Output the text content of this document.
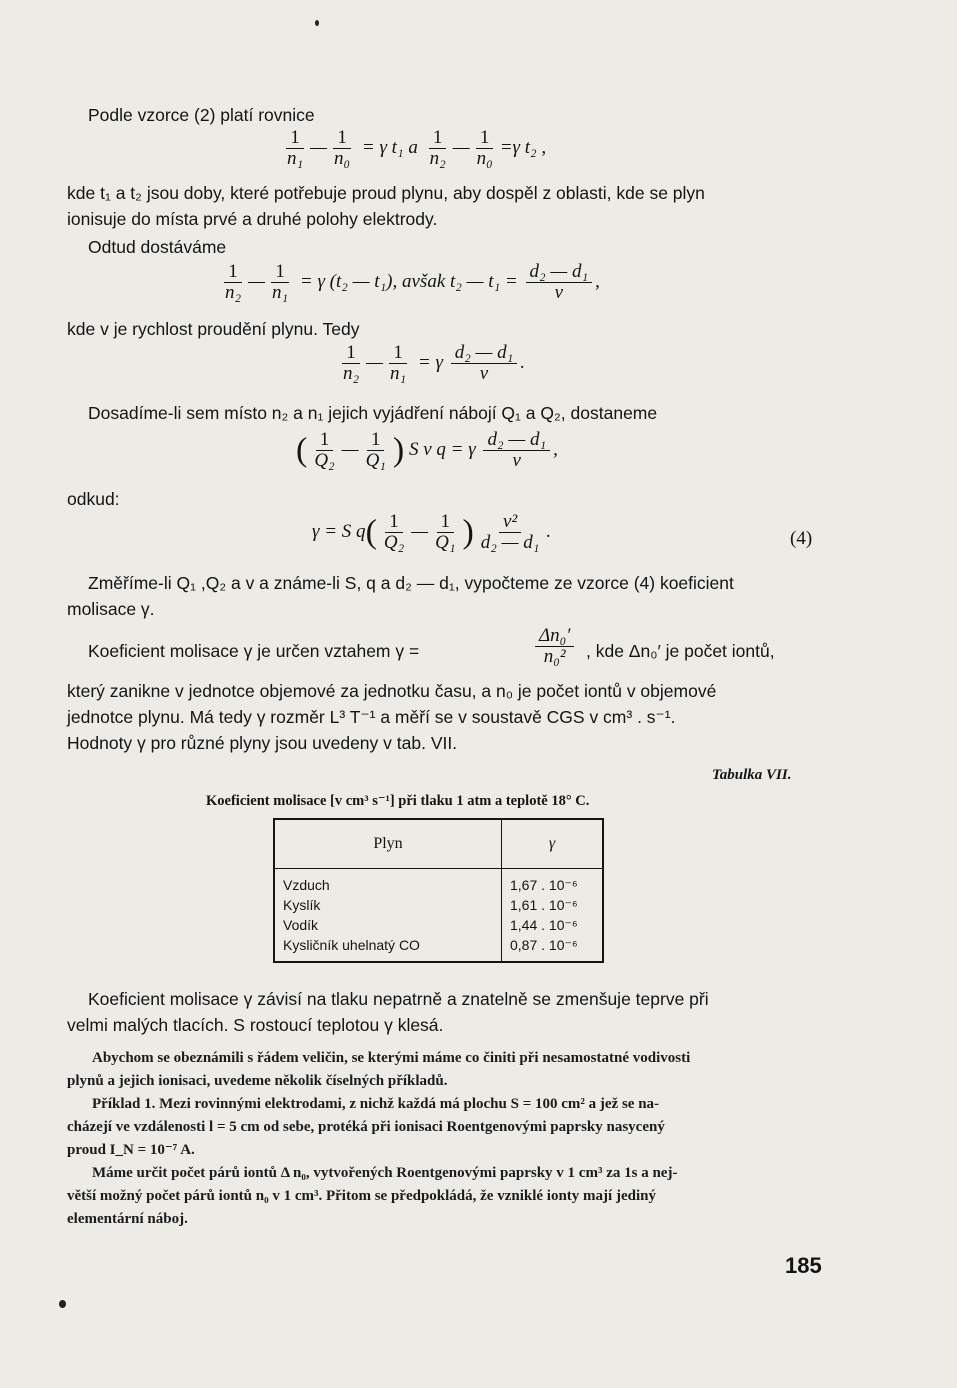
Podle vzorce (2) platí rovnice
$\frac{1}{\text{n₁}}$ — $\frac{1}{\text{n₀}} = \gamma$ t₁ a $\frac{1}{\text{n₂}}$ — $\frac{1}{\text{n₀}} =\gamma$ t₂ ,
kde t₁ a t₂ jsou doby, které potřebuje proud plynu, aby dospěl z oblasti, kde se plyn
ionisuje do místa prvé a druhé polohy elektrody.
Odtud dostáváme
$\frac{1}{\text{n₂}}$ — $\frac{1}{\text{n₁}} = \gamma$ (t₂ — t₁), avšak t₂ — $t_1 = \frac{\text{d₂ — d₁}}{v}$ ,
kde v je rychlost proudění plynu. Tedy
$\frac{1}{\text{n₂}}$ — $\frac{1}{\text{n₁}} = \gamma \frac{\text{d₂ — d₁}}{v}$ .
Dosadíme-li sem místo n₂ a n₁ jejich vyjádření nábojí Q₁ a Q₂, dostaneme
( $\frac{1}{\text{Q₂}}$ — $\frac{1}{\text{Q₁}}$ ) S v q = γ $\frac{\text{d₂ — d₁}}{v}$ ,
odkud:
γ = S $q( \frac{1}{\text{Q₂}}$ — $\frac{1}{\text{Q₁}}$ ) $\frac{\text{v²}}{\text{d₂ — d₁}}$ .	(4)
Změříme-li Q₁ ,Q₂ a v a známe-li S, q a d₂ — d₁, vypočteme ze vzorce (4) koeficient
molisace γ.
Koeficient molisace γ je určen vztahem γ =	$\frac{\text{Δn₀′}}{\text{n₀²}}$ , kde Δn₀′ je počet iontů,
který zanikne v jednotce objemové za jednotku času, a n₀ je počet iontů v objemové
jednotce plynu. Má tedy γ rozměr L³ T⁻¹ a měří se v soustavě CGS v cm³ . s⁻¹.
Hodnoty γ pro různé plyny jsou uvedeny v tab. VII.
Tabulka VII.
Koeficient molisace [v cm³ s⁻¹] při tlaku 1 atm a teplotě 18° C.
Plyn	γ
Vzduch	1,67 . 10⁻⁶
Kyslík	1,61 . 10⁻⁶
Vodík	1,44 . 10⁻⁶
Kysličník uhelnatý CO	0,87 . 10⁻⁶
Koeficient molisace γ závisí na tlaku nepatrně a znatelně se zmenšuje teprve při
velmi malých tlacích. S rostoucí teplotou γ klesá.
Abychom se obeznámili s řádem veličin, se kterými máme co činiti při nesamostatné vodivosti
plynů a jejich ionisaci, uvedeme několik číselných příkladů.
Příklad 1. Mezi rovinnými elektrodami, z nichž každá má plochu S = 100 cm² a jež se na-
cházejí ve vzdálenosti l = 5 cm od sebe, protéká při ionisaci Roentgenovými paprsky nasycený
proud I_N = 10⁻⁷ A.
Máme určit počet párů iontů Δ n₀, vytvořených Roentgenovými paprsky v 1 cm³ za 1s a nej-
větší možný počet párů iontů n₀ v 1 cm³. Přitom se předpokládá, že vzniklé ionty mají jediný
elementární náboj.
185
